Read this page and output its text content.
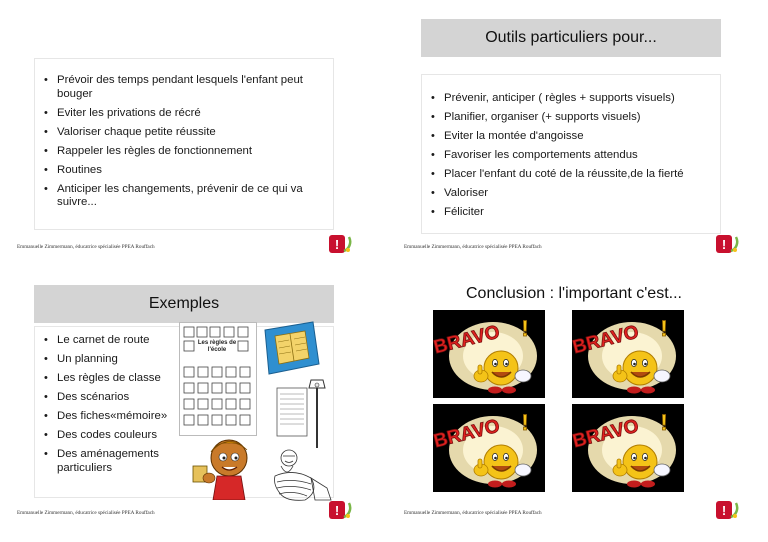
• Prévoir des temps pendant lesquels l'enfant peut bouger
• Eviter les privations de récré
• Valoriser chaque petite réussite
• Rappeler les règles de fonctionnement
• Routines
• Anticiper les changements, prévenir de ce qui va suivre...
Emmanuelle Zimmermann, éducatrice spécialisée PPEA Rouffach
Outils particuliers pour...
• Prévenir, anticiper ( règles + supports visuels)
• Planifier, organiser (+ supports visuels)
• Eviter la montée d'angoisse
• Favoriser les comportements attendus
• Placer l'enfant du coté de la réussite,de la fierté
• Valoriser
• Féliciter
Emmanuelle Zimmermann, éducatrice spécialisée PPEA Rouffach
Exemples
• Le carnet de route
• Un planning
• Les règles de classe
• Des scénarios
• Des fiches«mémoire»
• Des codes couleurs
• Des aménagements particuliers
Les règles de l'école
Emmanuelle Zimmermann, éducatrice spécialisée PPEA Rouffach
Conclusion : l'important c'est...
Emmanuelle Zimmermann, éducatrice spécialisée PPEA Rouffach
